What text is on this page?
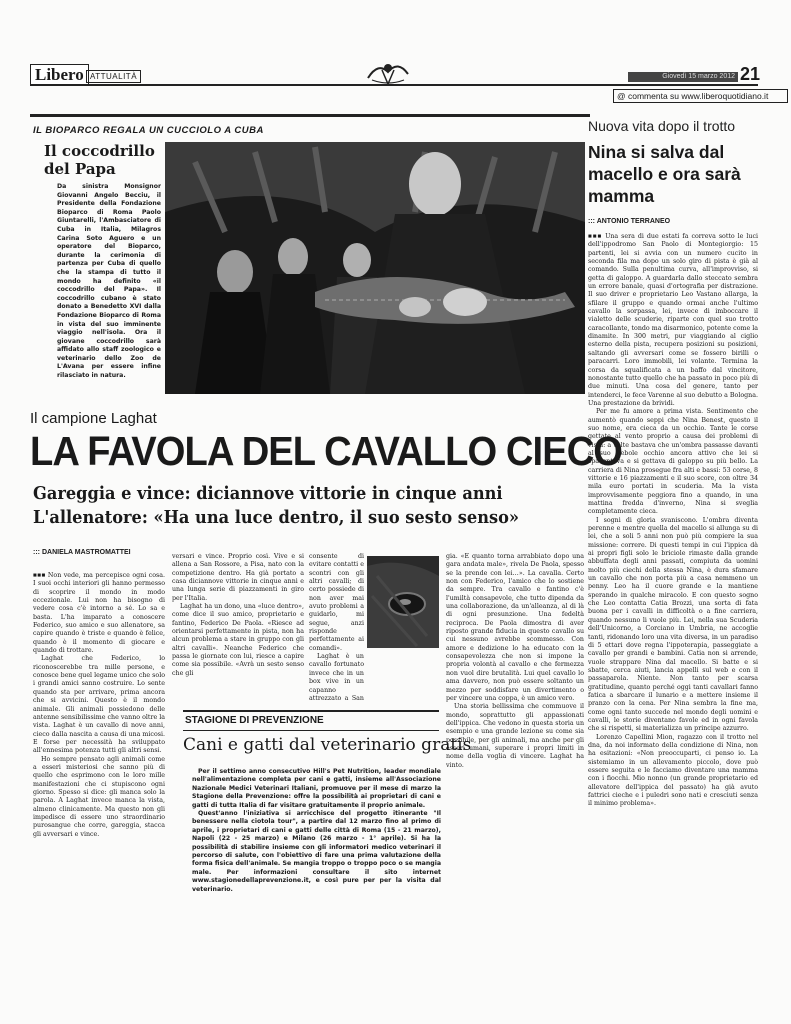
Libero ATTUALITÀ	Giovedì 15 marzo 2012 21
@ commenta su www.liberoquotidiano.it
IL BIOPARCO REGALA UN CUCCIOLO A CUBA
Il coccodrillo del Papa
Da sinistra Monsignor Giovanni Angelo Becciu, il Presidente della Fondazione Bioparco di Roma Paolo Giuntarelli, l'Ambasciatore di Cuba in Italia, Milagros Carina Soto Aguero e un operatore del Bioparco, durante la cerimonia di partenza per Cuba di quello che la stampa di tutto il mondo ha definito «il coccodrillo del Papa». Il coccodrillo cubano è stato donato a Benedetto XVI dalla Fondazione Bioparco di Roma in vista del suo imminente viaggio nell'isola. Ora il giovane coccodrillo sarà affidato allo staff zoologico e veterinario dello Zoo de L'Avana per essere infine rilasciato in natura.
Nuova vita dopo il trotto
Nina si salva dal macello e ora sarà mamma
::: ANTONIO TERRANEO

■■■ Una sera di due estati fa correva sotto le luci dell'ippodromo San Paolo di Montegiorgio: 15 partenti, lei si avvia con un numero cucito in seconda fila ma dopo un solo giro di pista è già al comando. Sulla penultima curva, all'improvviso, si getta di galoppo. A guardarla dallo steccato sembra un errore banale, quasi d'ortografia per distrazione. Il suo driver e proprietario Leo Vastano allarga, la sfilare il gruppo e quando ormai anche l'ultimo cavallo la sorpassa, lei, invece di imboccare il vialetto delle scuderie, riparte con quel suo trotto caracollante, tondo ma disarmonico, potente come la dinamite. In 300 metri, pur viaggiando al ciglio esterno della pista, recupera posizioni su posizioni, saltando gli avversari come se fossero birilli o paracarri. Loro immobili, lei volante. Termina la corsa da squalificata a un baffo dal vincitore, nonostante tutto quello che ha passato in poco più di due minuti. Una cosa del genere, tanto per intenderci, le fece Varenne al suo debutto a Bologna. Una prestazione da brividi.

Per me fu amore a prima vista. Sentimento che aumentò quando seppi che Nina Benest, questo il suo nome, era cieca da un occhio. Tante le corse gettate al vento proprio a causa dei problemi di vista: a volte bastava che un'ombra passasse davanti al suo debole occhio ancora attivo che lei si spaventava e si gettava di galoppo su più bello. La carriera di Nina prosegue fra alti e bassi: 53 corse, 8 vittorie e 16 piazzamenti e il suo score, con oltre 34 mila euro portati in scuderia. Ma la vista improvvisamente peggiora fino a quando, in una mattina fredda d'inverno, Nina si sveglia completamente cieca.

I sogni di gloria svaniscono. L'ombra diventa perenne e mentre quella del macello si allunga su di lei, che a soli 5 anni non può più compiere la sua missione: correre. Di questi tempi in cui l'ippica dà ai propri figli solo le briciole rimaste dalla grande abbuffata degli anni passati, compiuta da uomini molto più ciechi della stessa Nina, è dura sfamare un cavallo che non porta più a casa nemmeno un penny. Leo ha il cuore grande e la mantiene sperando in qualche miracolo. E con questo sogno che Leo contatta Catia Brozzi, una sorta di fata buona per i cavalli in difficoltà o a fine carriera, quando nessuno li vuole più. Lei, nella sua Scuderia dell'Unicorno, a Corciano in Umbria, ne accoglie tanti, ridonando loro una vita diversa, in un paradiso di 5 ettari dove regna l'ippoterapia, passeggiate a cavallo per grandi e bambini. Catia non si arrende, vuole strappare Nina dal macello. Si batte e si sbatte, cerca aiuti, lancia appelli sul web e con il passaparola. Niente. Non tanto per scarsa gratitudine, quanto perché oggi tanti cavallari fanno fatica a sbarcare il lunario e a mettere insieme il pranzo con la cena. Per Nina sembra la fine ma, come ogni tanto succede nel mondo degli uomini e cavalli, le storie diventano favole ed in ogni favola che si rispetti, si materializza un principe azzurro.

Lorenzo Capellini Mion, ragazzo con il trotto nel dna, da noi informato della condizione di Nina, non ha esitazioni: «Non preoccuparti, ci penso io. La sistemiamo in un allevamento piccolo, dove può essere seguita e le facciamo diventare una mamma con i fiocchi. Mio nonno (un grande proprietario ed allevatore dell'ippica del passato) ha già avuto fattrici cieche e i puledri sono nati e cresciuti senza il minimo problema».

Il campione Laghat
LA FAVOLA DEL CAVALLO CIECO
Gareggia e vince: diciannove vittorie in cinque anni
L'allenatore: «Ha una luce dentro, il suo sesto senso»
::: DANIELA MASTROMATTEI

■■■ Non vede, ma percepisce ogni cosa. I suoi occhi interiori gli hanno permesso di scoprire il mondo in modo eccezionale. Lui non ha bisogno di vedere cosa c'è intorno a sé. Lo sa e basta. L'ha imparato a conoscere Federico, suo amico e suo allenatore, sa capire quando è triste e quando è felice, quando è il momento di giocare e quando di trottare.

Laghat che Federico, lo riconoscerebbe tra mille persone, e conosce bene quel legame unico che solo i grandi amici sanno costruire. Lo sente quando sta per arrivare, prima ancora che si avvicini. Questo è il mondo animale. Gli animali possiedono delle antenne sensibilissime che vanno oltre la vista. Laghat è un cavallo di nove anni, cieco dalla nascita a causa di una micosi. E forse per necessità ha sviluppato all'ennesima potenza tutti gli altri sensi.

Ho sempre pensato agli animali come a esseri misteriosi che sanno più di quello che esprimono con le loro mille manifestazioni che ci stupiscono ogni giorno. Spesso si dice: gli manca solo la parola. A Laghat invece manca la vista, almeno clinicamente. Ma questo non gli impedisce di essere uno straordinario purosangue che corre, gareggia, stacca gli avversari e vince.

versari e vince. Proprio così. Vive e si allena a San Rossore, a Pisa, nato con la competizione dentro. Ha già portato a casa diciannove vittorie in cinque anni e una lunga serie di piazzamenti in giro per l'Italia.

Laghat ha un dono, una «luce dentro», come dice il suo amico, proprietario e fantino, Federico De Paola. «Riesce ad orientarsi perfettamente in pista, non ha alcun problema a stare in gruppo con gli altri cavalli». Neanche Federico che passa le giornate con lui, riesce a capire come sia possibile. «Avrà un sesto senso che gli

consente di evitare contatti e scontri con gli altri cavalli; di certo possiede di non aver mai avuto problemi a guidarlo, mi segue, anzi risponde perfettamente ai comandi».

Laghat è un cavallo fortunato invece che in un box vive in un capanno attrezzato a San

gia. «E quanto torna arrabbiato dopo una gara andata male», rivela De Paola, spesso se la prende con lei…». La cavalla. Certo non con Federico, l'amico che lo sostiene da sempre. Tra cavallo e fantino c'è l'umiltà consapevole, che tutto dipenda da una collaborazione, da un'alleanza, al di là di ogni presunzione. Una fedeltà reciproca. De Paola dimostra di aver riposto grande fiducia in questo cavallo su cui nessuno avrebbe scommesso. Con amore e dedizione lo ha educato con la consapevolezza che non si impone la propria volontà al cavallo e che fermezza non vuol dire brutalità. Lui quel cavallo lo ama davvero, non può essere soltanto un mezzo per soddisfare un divertimento o per vincere una coppa, è un amico vero.

Una storia bellissima che commuove il mondo, soprattutto gli appassionati dell'ippica. Che vedono in questa storia un esempio e una grande lezione su come sia possibile, per gli animali, ma anche per gli esseri umani, superare i propri limiti in nome della voglia di vincere. Laghat ha vinto.

STAGIONE DI PREVENZIONE
Cani e gatti dal veterinario gratis

Per il settimo anno consecutivo Hill's Pet Nutrition, leader mondiale nell'alimentazione completa per cani e gatti, insieme all'Associazione Nazionale Medici Veterinari Italiani, promuove per il mese di marzo la Stagione della Prevenzione: offre la possibilità ai proprietari di cani e gatti di tutta Italia di far visitare gratuitamente il proprio animale.

Quest'anno l'iniziativa si arricchisce del progetto itinerante "Il benessere nella ciotola tour", a partire dal 12 marzo fino al primo di aprile, i proprietari di cani e gatti delle città di Roma (15 - 21 marzo), Napoli (22 - 25 marzo) e Milano (26 marzo - 1° aprile). Si ha la possibilità di stabilire insieme con gli informatori medico veterinari il percorso di salute, con l'obiettivo di fare una prima valutazione della forma fisica dell'animale. Se mangia troppo o troppo poco o se mangia male. Per informazioni consultare il sito internet www.stagionedellaprevenzione.it, e così pure per per la visita dal veterinario.
